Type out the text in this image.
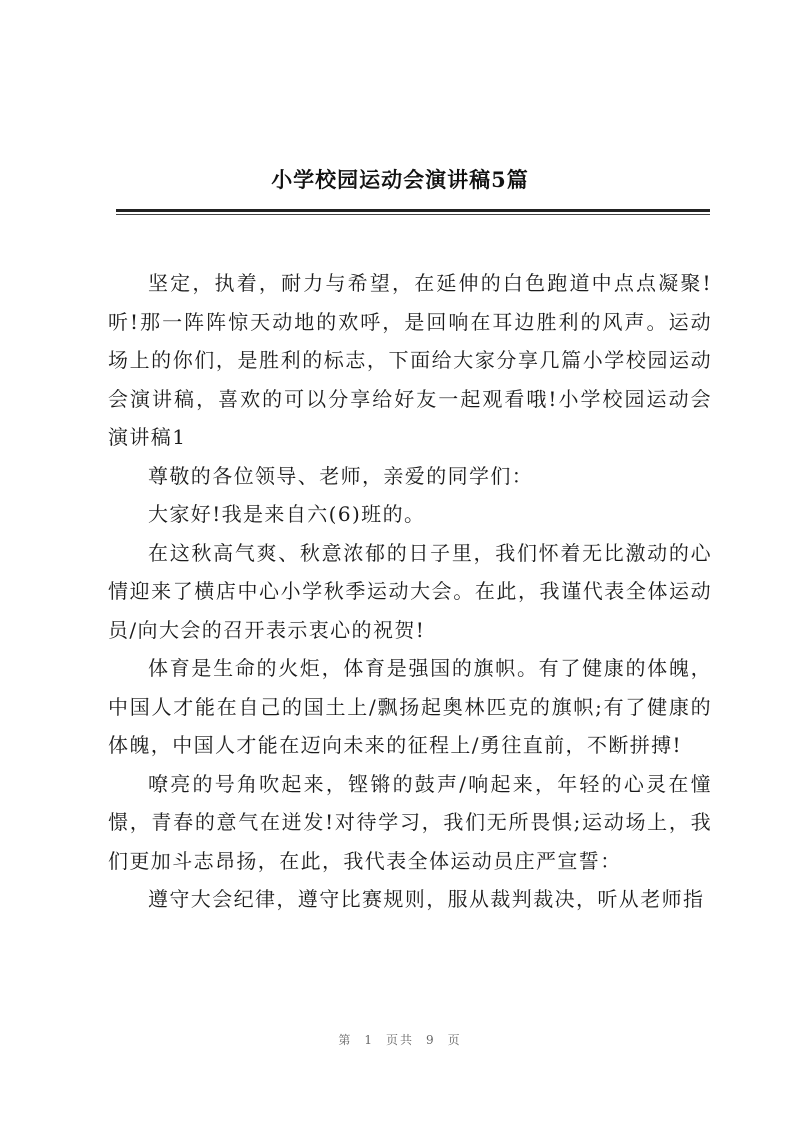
小学校园运动会演讲稿5篇

坚定，执着，耐力与希望，在延伸的白色跑道中点点凝聚!听!那一阵阵惊天动地的欢呼，是回响在耳边胜利的风声。运动场上的你们，是胜利的标志，下面给大家分享几篇小学校园运动会演讲稿，喜欢的可以分享给好友一起观看哦!小学校园运动会演讲稿1

尊敬的各位领导、老师，亲爱的同学们：

大家好!我是来自六(6)班的。

在这秋高气爽、秋意浓郁的日子里，我们怀着无比激动的心情迎来了横店中心小学秋季运动大会。在此，我谨代表全体运动员/向大会的召开表示衷心的祝贺!

体育是生命的火炬，体育是强国的旗帜。有了健康的体魄，中国人才能在自己的国土上/飘扬起奥林匹克的旗帜;有了健康的体魄，中国人才能在迈向未来的征程上/勇往直前，不断拼搏!

嘹亮的号角吹起来，铿锵的鼓声/响起来，年轻的心灵在憧憬，青春的意气在迸发!对待学习，我们无所畏惧;运动场上，我们更加斗志昂扬，在此，我代表全体运动员庄严宣誓：

遵守大会纪律，遵守比赛规则，服从裁判裁决，听从老师指

第 1 页共 9 页
